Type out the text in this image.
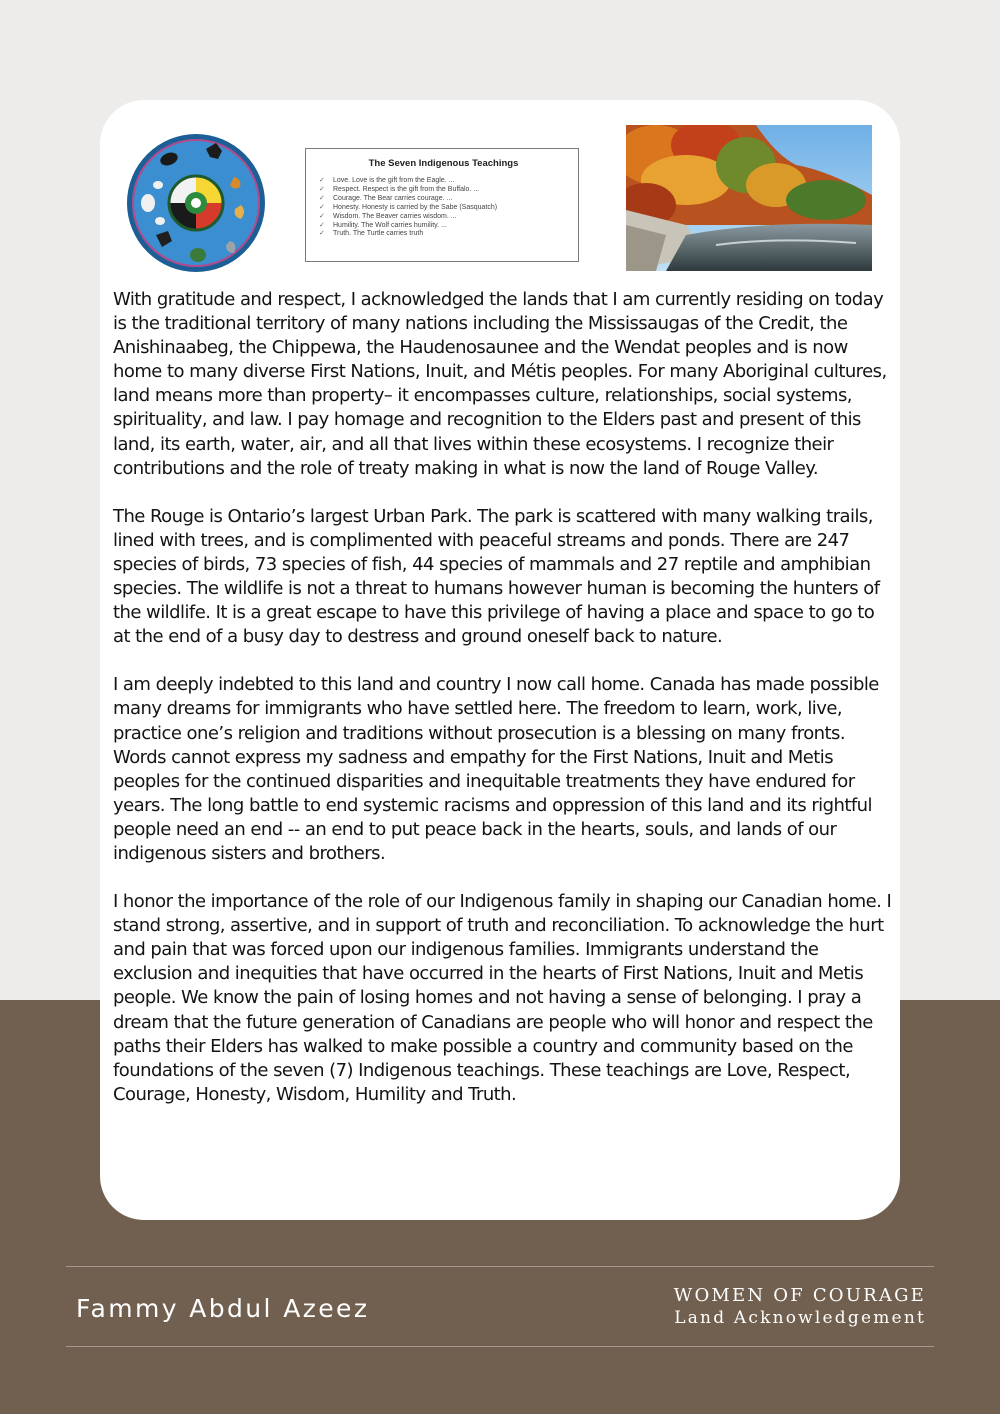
The Seven Indigenous Teachings
✓	Love. Love is the gift from the Eagle. ...
✓	Respect. Respect is the gift from the Buffalo. ...
✓	Courage. The Bear carries courage. ...
✓	Honesty. Honesty is carried by the Sabe (Sasquatch)
✓	Wisdom. The Beaver carries wisdom. ...
✓	Humility. The Wolf carries humility. ...
✓	Truth. The Turtle carries truth

With gratitude and respect, I acknowledged the lands that I am currently residing on today is the traditional territory of many nations including the Mississaugas of the Credit, the Anishinaabeg, the Chippewa, the Haudenosaunee and the Wendat peoples and is now home to many diverse First Nations, Inuit, and Métis peoples. For many Aboriginal cultures, land means more than property– it encompasses culture, relationships, social systems, spirituality, and law. I pay homage and recognition to the Elders past and present of this land, its earth, water, air, and all that lives within these ecosystems. I recognize their contributions and the role of treaty making in what is now the land of Rouge Valley.

The Rouge is Ontario’s largest Urban Park. The park is scattered with many walking trails, lined with trees, and is complimented with peaceful streams and ponds. There are 247 species of birds, 73 species of fish, 44 species of mammals and 27 reptile and amphibian species. The wildlife is not a threat to humans however human is becoming the hunters of the wildlife. It is a great escape to have this privilege of having a place and space to go to at the end of a busy day to destress and ground oneself back to nature.

I am deeply indebted to this land and country I now call home. Canada has made possible many dreams for immigrants who have settled here. The freedom to learn, work, live, practice one’s religion and traditions without prosecution is a blessing on many fronts. Words cannot express my sadness and empathy for the First Nations, Inuit and Metis peoples for the continued disparities and inequitable treatments they have endured for years. The long battle to end systemic racisms and oppression of this land and its rightful people need an end -- an end to put peace back in the hearts, souls, and lands of our indigenous sisters and brothers.

I honor the importance of the role of our Indigenous family in shaping our Canadian home. I stand strong, assertive, and in support of truth and reconciliation. To acknowledge the hurt and pain that was forced upon our indigenous families. Immigrants understand the exclusion and inequities that have occurred in the hearts of First Nations, Inuit and Metis people. We know the pain of losing homes and not having a sense of belonging. I pray a dream that the future generation of Canadians are people who will honor and respect the paths their Elders has walked to make possible a country and community based on the foundations of the seven (7) Indigenous teachings. These teachings are Love, Respect, Courage, Honesty, Wisdom, Humility and Truth.

Fammy Abdul Azeez	WOMEN OF COURAGE
Land Acknowledgement
